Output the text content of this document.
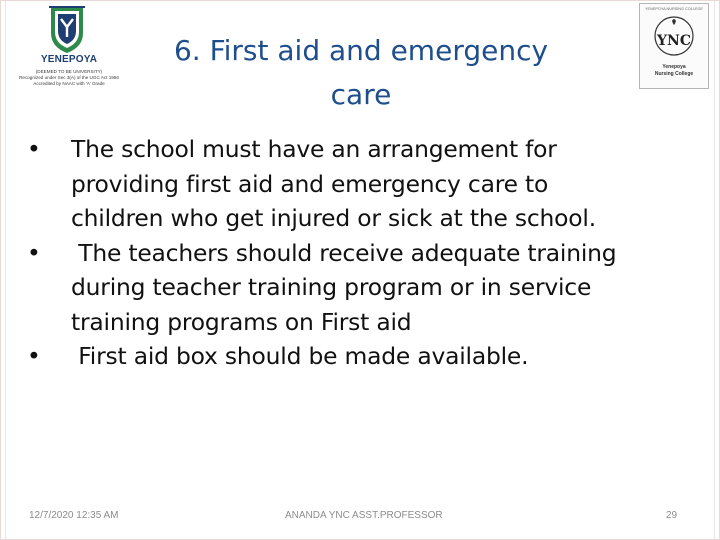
YENEPOYA
(DEEMED TO BE UNIVERSITY)
Recognized under Sec 3(A) of the UGC Act 1956
Accredited by NAAC with 'A' Grade
YENEPOYA NURSING COLLEGE
YNC
Yenepoya
Nursing College
6. First aid and emergency
care
• The school must have an arrangement for
providing first aid and emergency care to
children who get injured or sick at the school.
• The teachers should receive adequate training
during teacher training program or in service
training programs on First aid
• First aid box should be made available.
12/7/2020 12:35 AM	ANANDA YNC ASST.PROFESSOR	29
